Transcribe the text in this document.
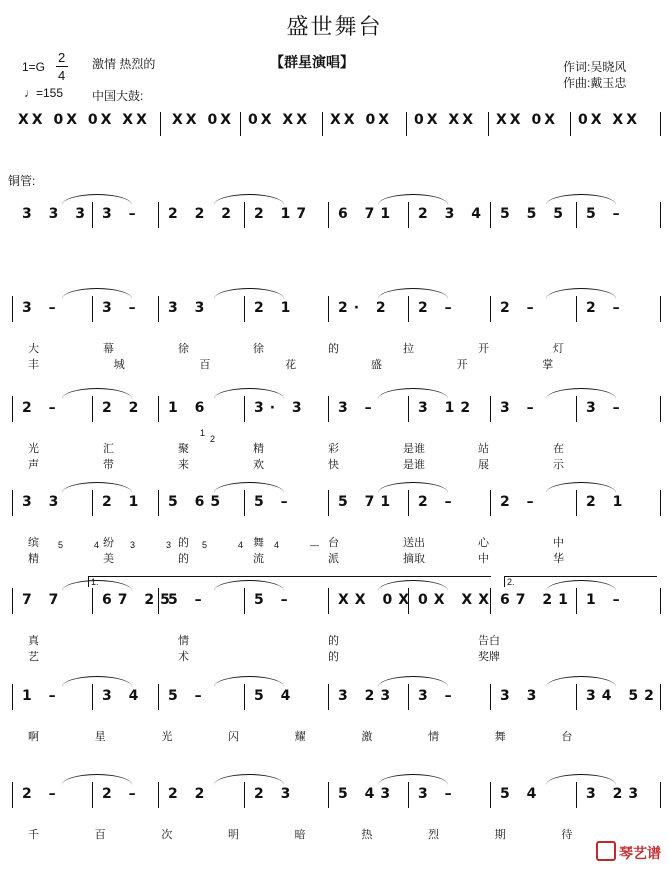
盛世舞台
1=G
2
4
♩=155
激情 热烈的
中国大鼓:
【群星演唱】	作词:吴晓风
作曲:戴玉忠
XX 0X 0X XX XX 0X 0X XX XX 0X 0X XX XX 0X 0X XX
铜管:
3 3 3 3 – 2 2 2 2 17 6 71 2 3 4 5 5 5 5 –
3 –	3 – 3 3	2 1	2· 2 2 –	2 –	2 –
大	幕	徐	徐	的	拉	开	灯
丰	城	百	花	盛	开	掌
2 –	2 2 1 6	3· 3 3 –	3 12 3 –	3 –
光	汇	聚	精	彩	是谁	站	在
声	带	来	欢	快	是谁	展	示
1
2
3 3	2 1 5 65 5 –	5 71 2 –	2 –	2 1
缤	纷	的	舞	台	送出	心	中
精	美	的	流	派	摘取	中	华
5	4	3	3	5	4	4	—
7 7	67 25
5 –	5 –	XX 0X 0X XX 67 21 1 –
真	情	的	告白
艺	术	的	奖牌
1.	2.
1 –	3 4 5 –	5 4	3 23 3 –	3 3	34 52
啊	星	光	闪	耀	激	情	舞	台
2 –	2 – 2 2	2 3	5 43 3 –	5 4	3 23
千	百	次	明	暗	热	烈	期	待
琴艺谱
